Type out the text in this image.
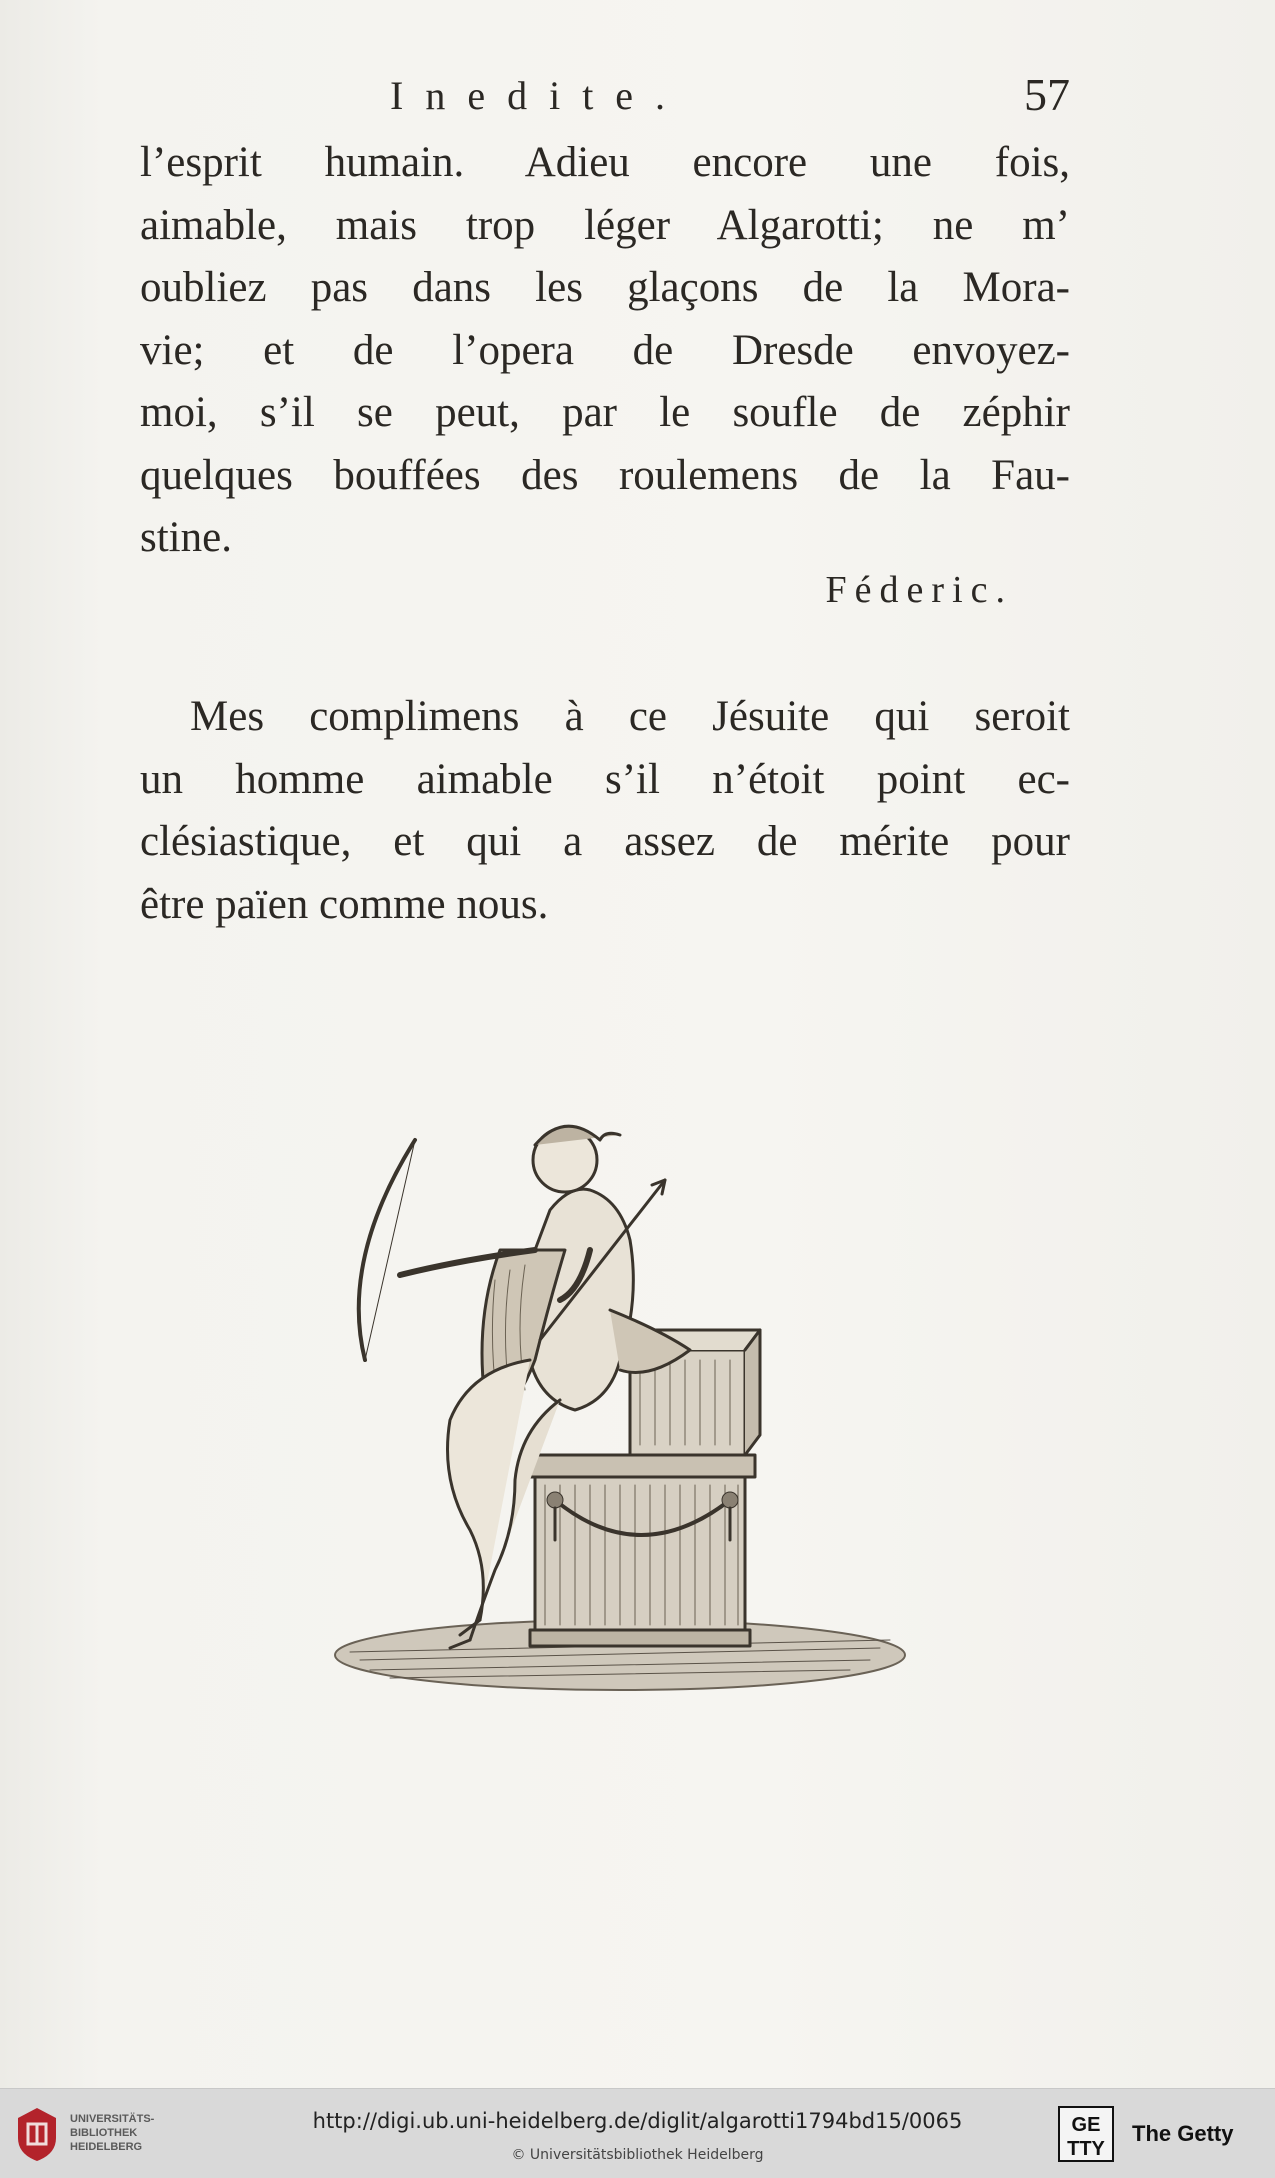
Inedite.	57
l’esprit humain. Adieu encore une fois,
aimable, mais trop léger Algarotti; ne m’
oubliez pas dans les glaçons de la Mora-
vie; et de l’opera de Dresde envoyez-
moi, s’il se peut, par le soufle de zéphir
quelques bouffées des roulemens de la Fau-
stine.
Féderic.
Mes complimens à ce Jésuite qui seroit
un homme aimable s’il n’étoit point ec-
clésiastique, et qui a assez de mérite pour
être païen comme nous.
UNIVERSITÄTS-
BIBLIOTHEK
HEIDELBERG
http://digi.ub.uni-heidelberg.de/diglit/algarotti1794bd15/0065
© Universitätsbibliothek Heidelberg
GE
TTY
The Getty
